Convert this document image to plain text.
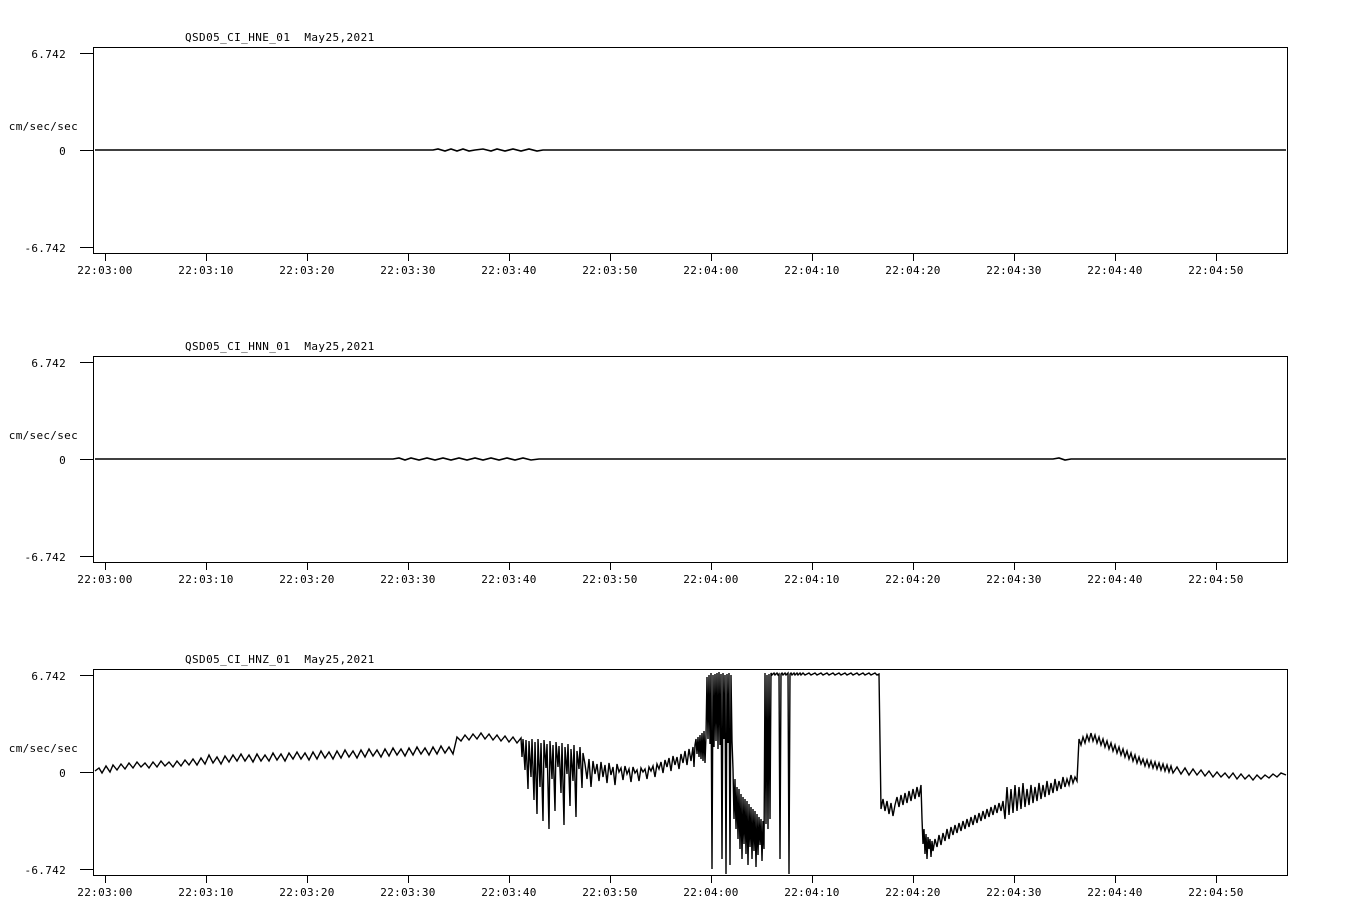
QSD05_CI_HNE_01  May25,2021
cm/sec/sec
6.742
0
-6.742
22:03:00	22:03:10	22:03:20	22:03:30	22:03:40	22:03:50	22:04:00	22:04:10	22:04:20	22:04:30	22:04:40	22:04:50
QSD05_CI_HNN_01  May25,2021
cm/sec/sec
6.742
0
-6.742
22:03:00	22:03:10	22:03:20	22:03:30	22:03:40	22:03:50	22:04:00	22:04:10	22:04:20	22:04:30	22:04:40	22:04:50
QSD05_CI_HNZ_01  May25,2021
cm/sec/sec
6.742
0
-6.742
22:03:00	22:03:10	22:03:20	22:03:30	22:03:40	22:03:50	22:04:00	22:04:10	22:04:20	22:04:30	22:04:40	22:04:50
